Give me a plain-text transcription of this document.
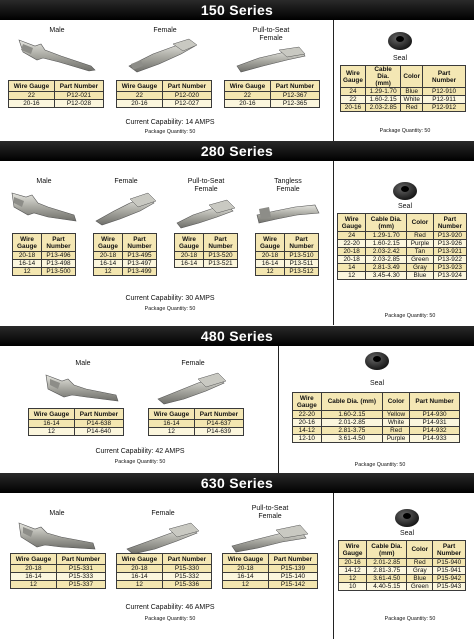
150 Series
Male	Female	Pull-to-Seat
Female
Wire Gauge	Part Number
22	P12-021
20-16	P12-028
Wire Gauge	Part Number
22	P12-020
20-16	P12-027
Wire Gauge	Part Number
22	P12-367
20-16	P12-365
Current Capability: 14 AMPS
Package Quantity: 50
Seal
Wire
Gauge	Cable Dia.
(mm)	Color	Part Number
24	1.29-1.70	Blue	P12-910
22	1.60-2.15	White	P12-911
20-16	2.03-2.85	Red	P12-912
Package Quantity: 50
280 Series
Male	Female	Pull-to-Seat
Female
Tangless
Female
Wire
Gauge	Part
Number
20-18	P13-496
16-14	P13-498
12	P13-500
Wire
Gauge	Part
Number
20-18	P13-495
16-14	P13-497
12	P13-499
Wire
Gauge	Part
Number
20-18	P13-520
16-14	P13-521
Wire
Gauge	Part
Number
20-18	P13-510
16-14	P13-511
12	P13-512
Current Capability: 30 AMPS
Package Quantity: 50
Seal
Wire
Gauge	Cable Dia.
(mm)	Color	Part
Number
24	1.29-1.70	Red	P13-920
22-20	1.60-2.15	Purple	P13-926
20-18	2.03-2.42	Tan	P13-921
20-18	2.03-2.85	Green	P13-922
14	2.81-3.49	Gray	P13-923
12	3.45-4.30	Blue	P13-924
Package Quantity: 50
480 Series
Male	Female
Wire Gauge	Part Number
16-14	P14-638
12	P14-640
Wire Gauge	Part Number
16-14	P14-637
12	P14-639
Current Capability: 42 AMPS
Package Quantity: 50
Seal
Wire
Gauge	Cable Dia. (mm)	Color	Part Number
22-20	1.60-2.15	Yellow	P14-930
20-16	2.01-2.85	White	P14-931
14-12	2.81-3.75	Red	P14-932
12-10	3.61-4.50	Purple	P14-933
Package Quantity: 50
630 Series
Male	Female
Pull-to-Seat
Female
Wire Gauge	Part Number
20-18	P15-331
16-14	P15-333
12	P15-337
Wire Gauge	Part Number
20-18	P15-330
16-14	P15-332
12	P15-336
Wire Gauge	Part Number
20-18	P15-139
16-14	P15-140
12	P15-142
Current Capability: 46 AMPS
Package Quantity: 50
Seal
Wire
Gauge	Cable Dia.
(mm)	Color	Part
Number
20-16	2.01-2.85	Red	P15-940
14-12	2.81-3.75	Gray	P15-941
12	3.61-4.50	Blue	P15-942
10	4.40-5.15	Green	P15-943
Package Quantity: 50
